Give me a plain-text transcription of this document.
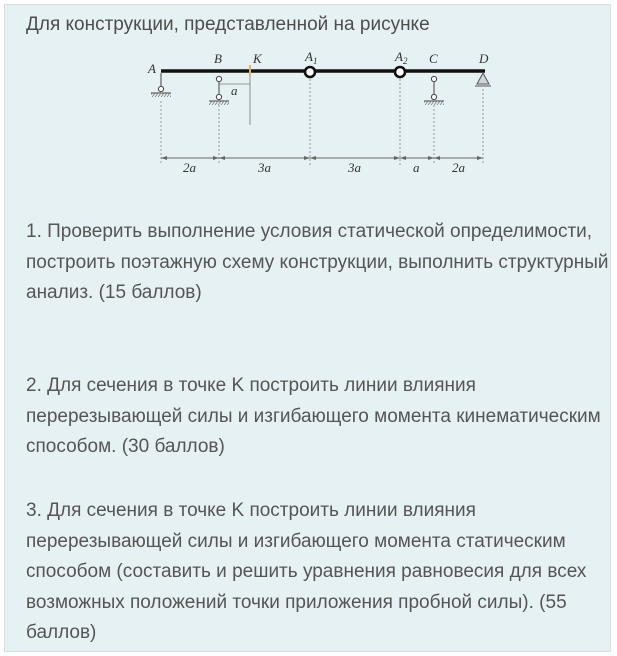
Для конструкции, представленной на рисунке
A
B K	$A_1$	$A_2$ C	D
a
2a	3a	3a	a	2a

1. Проверить выполнение условия статической определимости, построить поэтажную схему конструкции, выполнить структурный анализ. (15 баллов)

2. Для сечения в точке K построить линии влияния перерезывающей силы и изгибающего момента кинематическим способом. (30 баллов)

3. Для сечения в точке K построить линии влияния перерезывающей силы и изгибающего момента статическим способом (составить и решить уравнения равновесия для всех возможных положений точки приложения пробной силы). (55 баллов)
